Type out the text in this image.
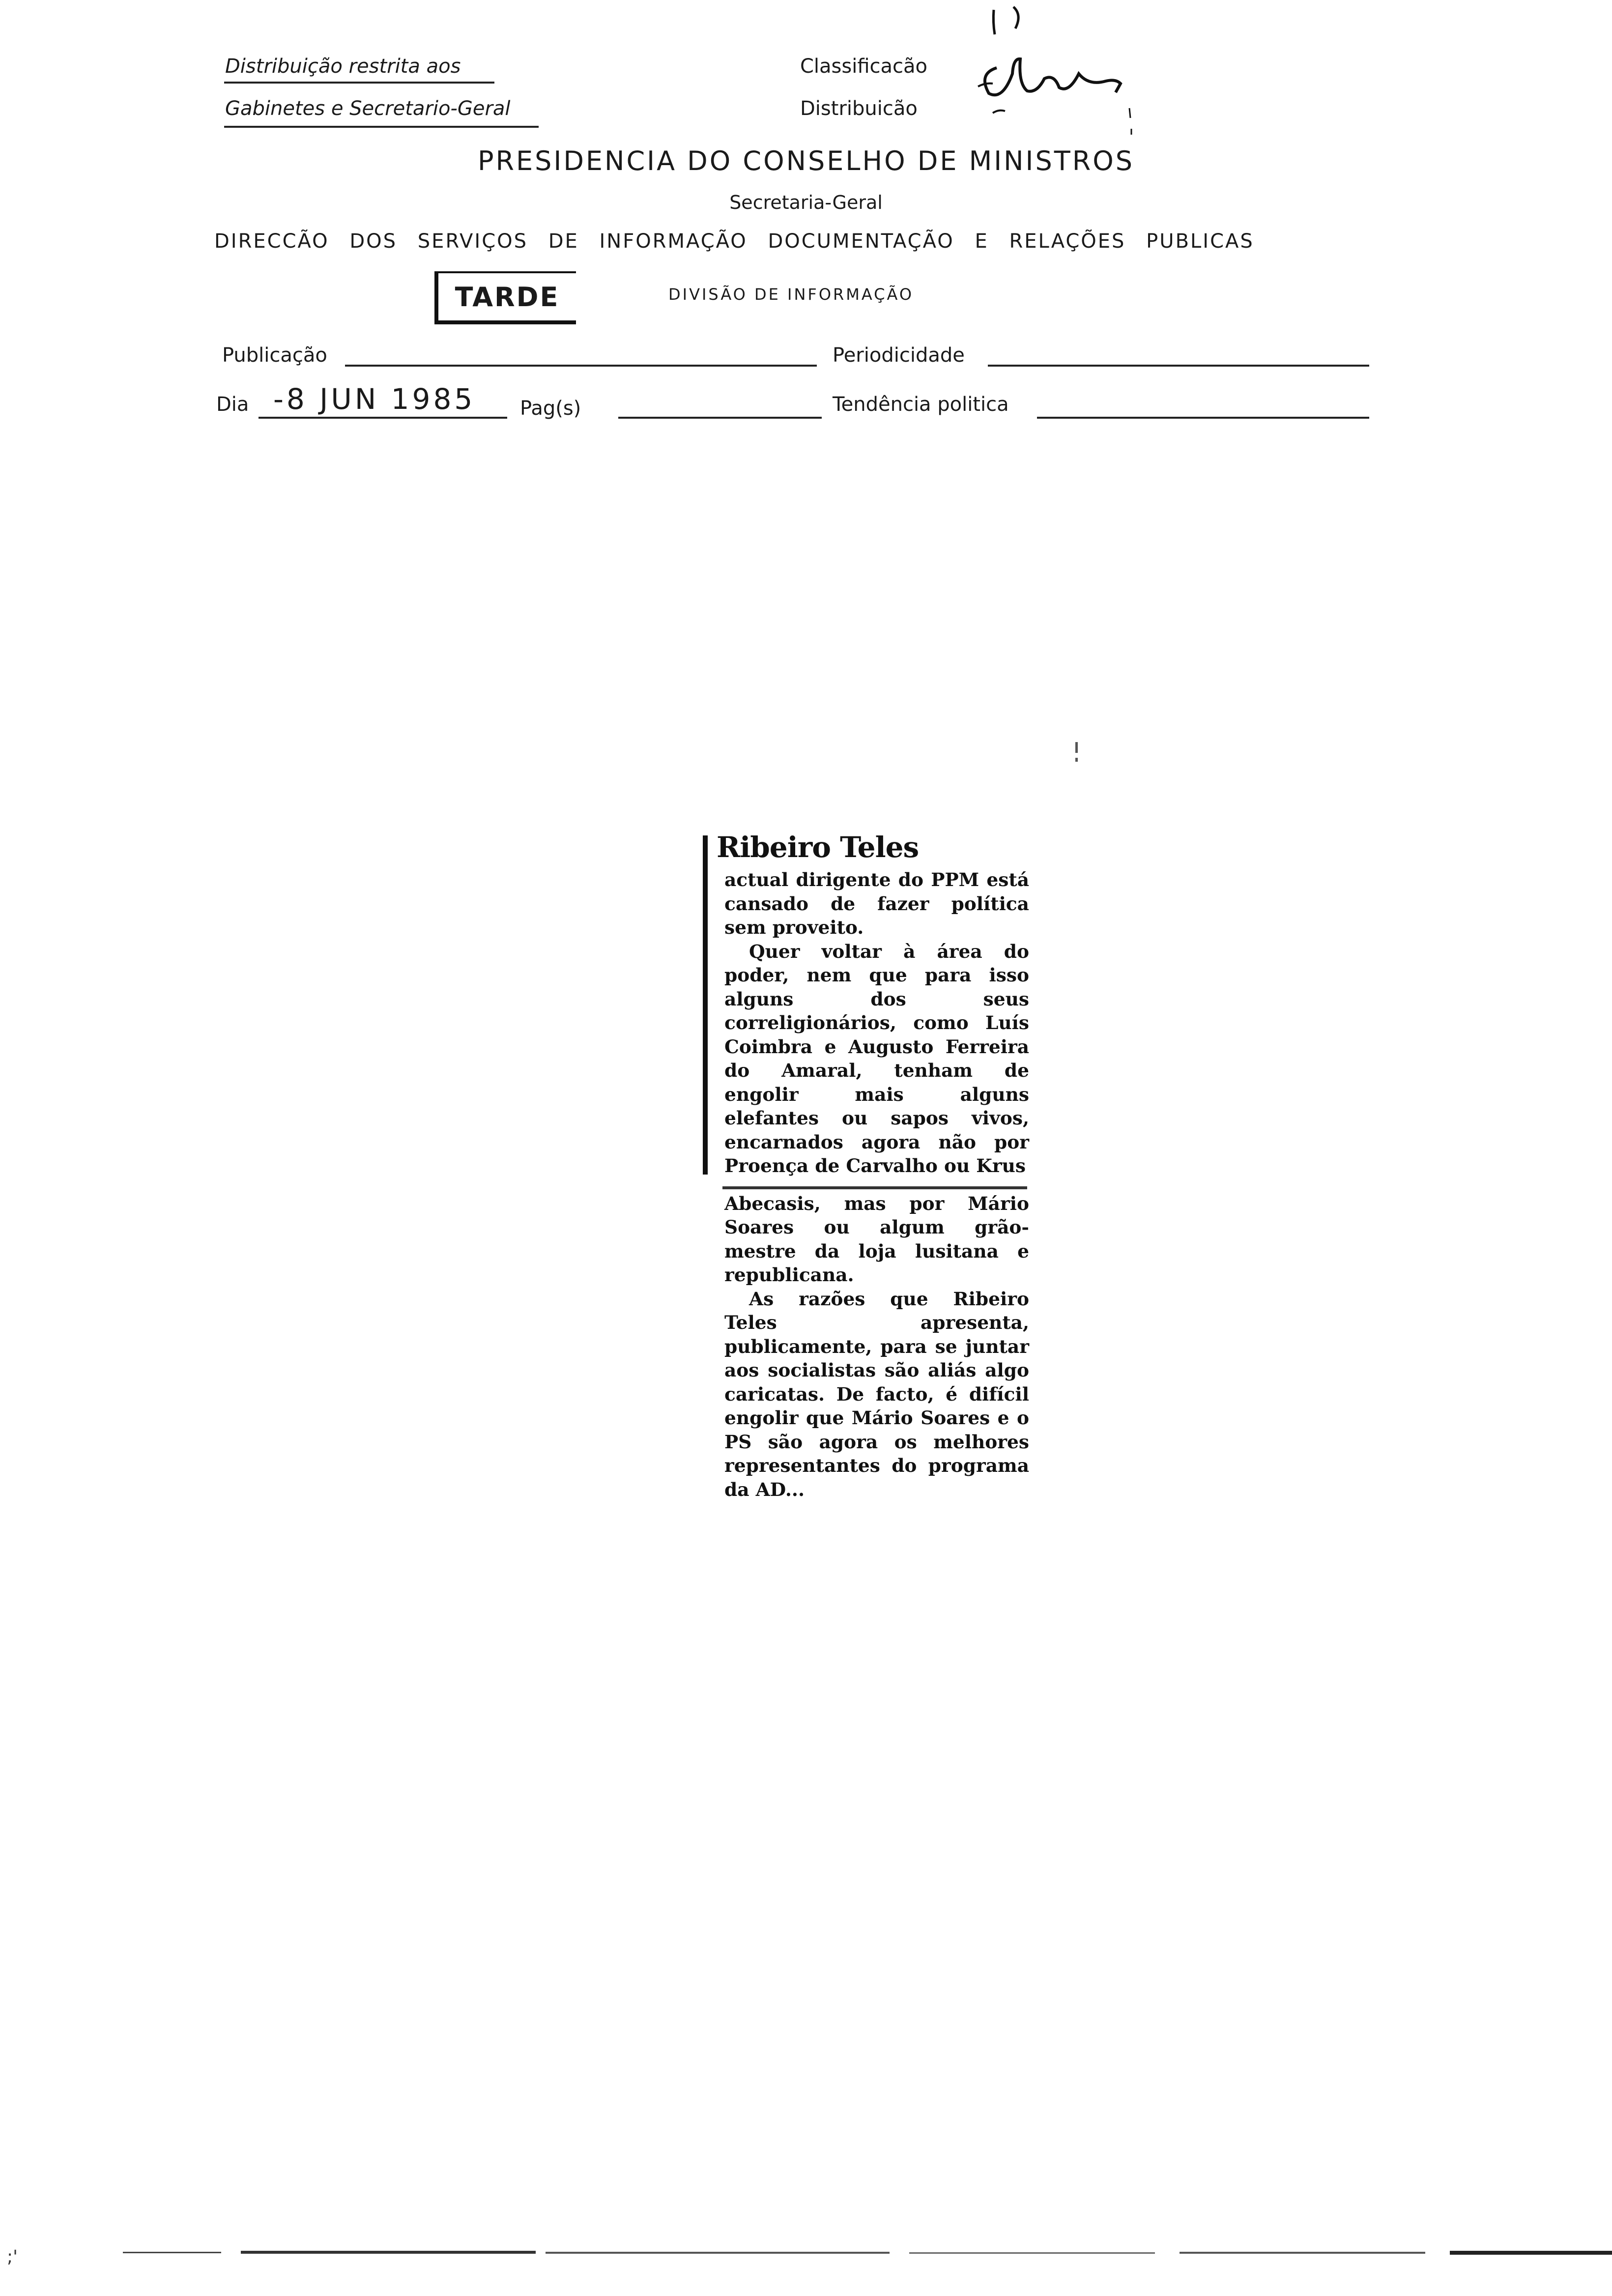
Distribuição restrita aos
Gabinetes e Secretario-Geral
Classificacão
Distribuicão
PRESIDENCIA DO CONSELHO DE MINISTROS
Secretaria-Geral
DIRECCÃO DOS SERVIÇOS DE INFORMAÇÃO DOCUMENTAÇÃO E RELAÇÕES PUBLICAS
TARDE	DIVISÃO DE INFORMAÇÃO
Publicação	Periodicidade
Dia -8 JUN 1985 Pag(s)	Tendência politica
Ribeiro Teles

actual dirigente do PPM está cansado de fazer política sem proveito.

Quer voltar à área do poder, nem que para isso alguns dos seus correligionários, como Luís Coimbra e Augusto Ferreira do Amaral, tenham de engolir mais alguns elefantes ou sapos vivos, encarnados agora não por Proença de Carvalho ou Krus

Abecasis, mas por Mário Soares ou algum grão-mestre da loja lusitana e republicana.

As razões que Ribeiro Teles apresenta, publicamente, para se juntar aos socialistas são aliás algo caricatas. De facto, é difícil engolir que Mário Soares e o PS são agora os melhores representantes do programa da AD...

;'
